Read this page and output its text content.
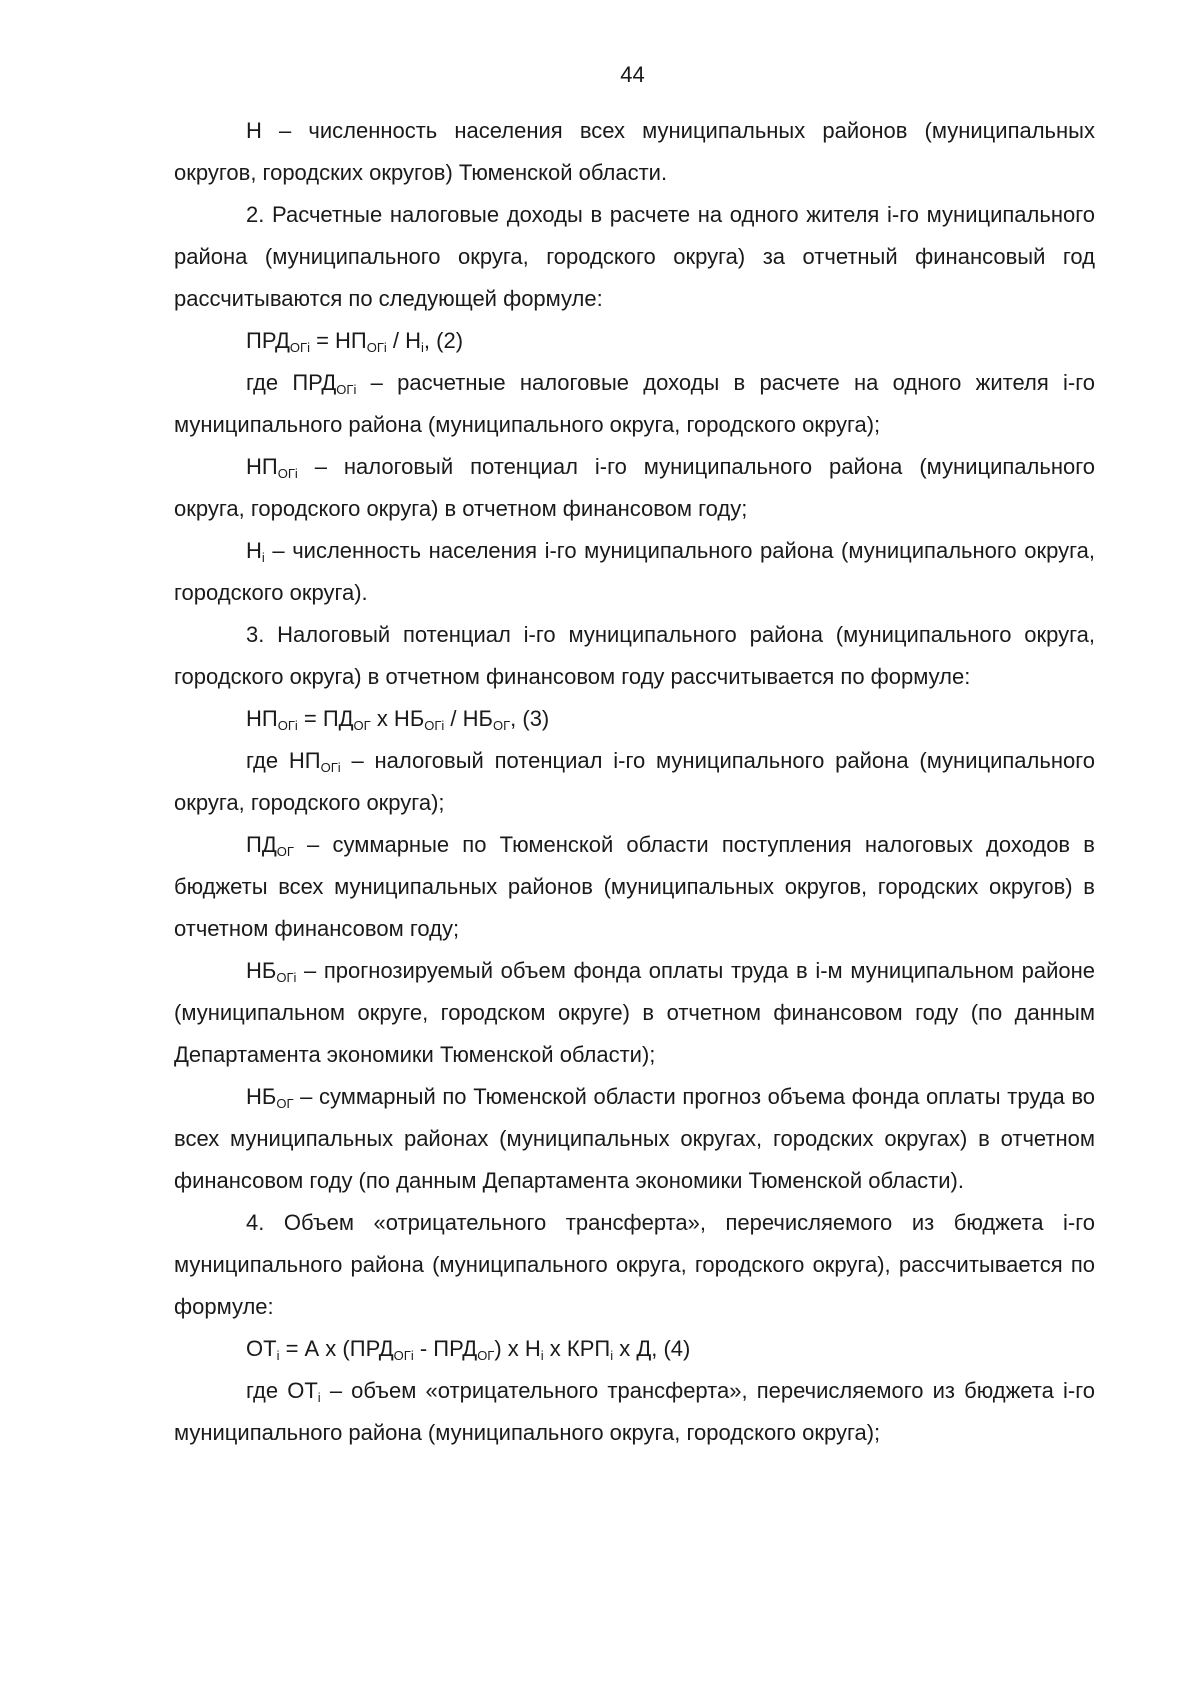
44

Н – численность населения всех муниципальных районов (муниципальных округов, городских округов) Тюменской области.

2. Расчетные налоговые доходы в расчете на одного жителя i-го муниципального района (муниципального округа, городского округа) за отчетный финансовый год рассчитываются по следующей формуле:

$ПРД_{ОГi} = НП_{ОГi} / Н_i$, (2)

где $ПРД_{ОГi}$ – расчетные налоговые доходы в расчете на одного жителя i-го муниципального района (муниципального округа, городского округа);

$НП_{ОГi}$ – налоговый потенциал i-го муниципального района (муниципального округа, городского округа) в отчетном финансовом году;

$Н_i$ – численность населения i-го муниципального района (муниципального округа, городского округа).

3. Налоговый потенциал i-го муниципального района (муниципального округа, городского округа) в отчетном финансовом году рассчитывается по формуле:

$НП_{ОГi} = ПД_{ОГ}$ х $НБ_{ОГi} / НБ_{ОГ}$, (3)

где $НП_{ОГi}$ – налоговый потенциал i-го муниципального района (муниципального округа, городского округа);

$ПД_{ОГ}$ – суммарные по Тюменской области поступления налоговых доходов в бюджеты всех муниципальных районов (муниципальных округов, городских округов) в отчетном финансовом году;

$НБ_{ОГi}$ – прогнозируемый объем фонда оплаты труда в i-м муниципальном районе (муниципальном округе, городском округе) в отчетном финансовом году (по данным Департамента экономики Тюменской области);

$НБ_{ОГ}$ – суммарный по Тюменской области прогноз объема фонда оплаты труда во всех муниципальных районах (муниципальных округах, городских округах) в отчетном финансовом году (по данным Департамента экономики Тюменской области).

4. Объем «отрицательного трансферта», перечисляемого из бюджета i-го муниципального района (муниципального округа, городского округа), рассчитывается по формуле:

$ОТ_i = А$ х $(ПРД_{ОГi} - ПРД_{ОГ})$ х $Н_i$ х $КРП_i$ х Д, (4)

где $ОТ_i$ – объем «отрицательного трансферта», перечисляемого из бюджета i-го муниципального района (муниципального округа, городского округа);
